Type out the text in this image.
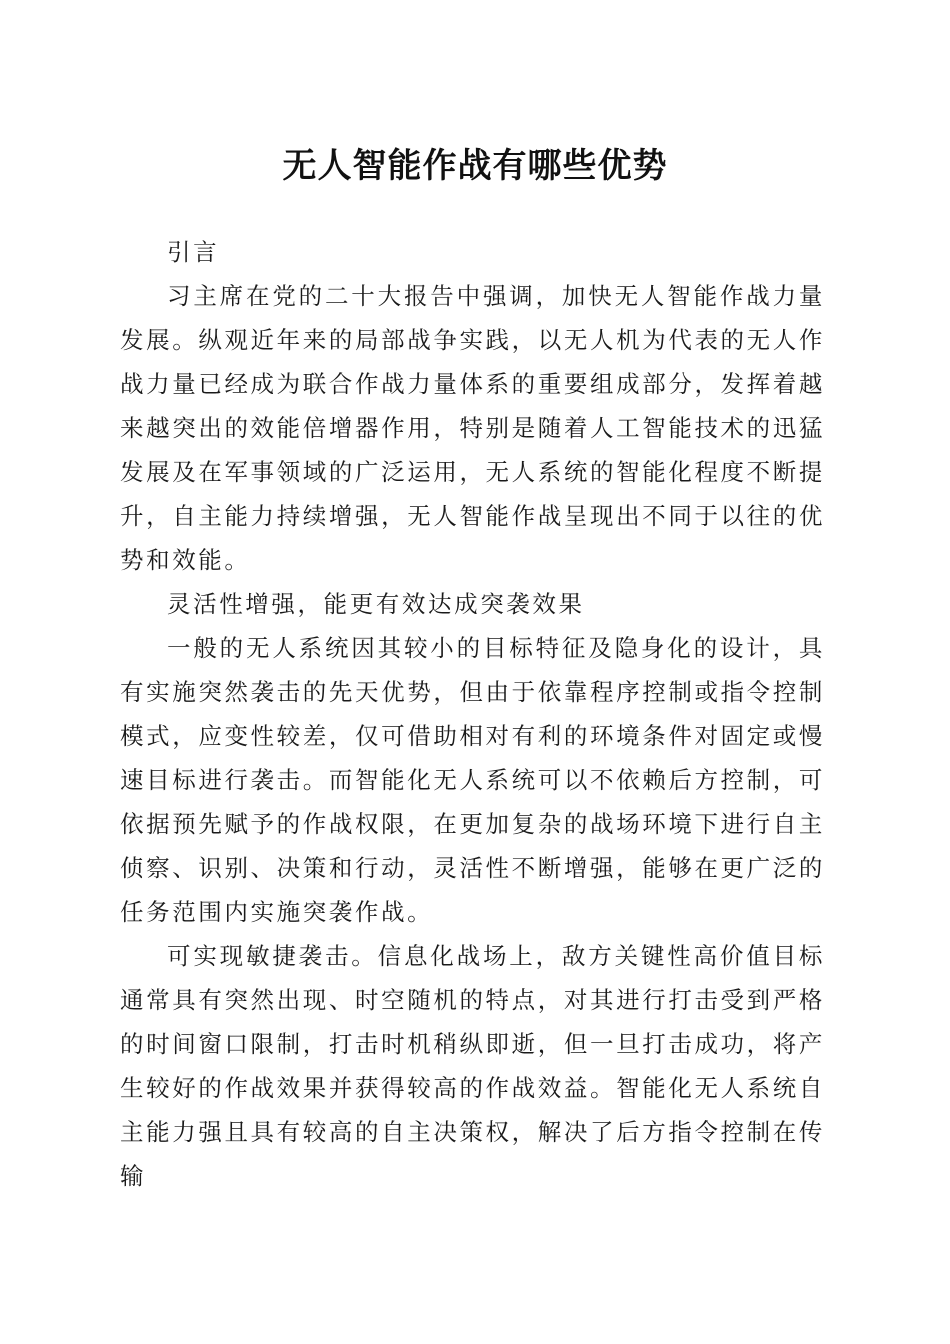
无人智能作战有哪些优势

引言

习主席在党的二十大报告中强调，加快无人智能作战力量发展。纵观近年来的局部战争实践，以无人机为代表的无人作战力量已经成为联合作战力量体系的重要组成部分，发挥着越来越突出的效能倍增器作用，特别是随着人工智能技术的迅猛发展及在军事领域的广泛运用，无人系统的智能化程度不断提升，自主能力持续增强，无人智能作战呈现出不同于以往的优势和效能。

灵活性增强，能更有效达成突袭效果

一般的无人系统因其较小的目标特征及隐身化的设计，具有实施突然袭击的先天优势，但由于依靠程序控制或指令控制模式，应变性较差，仅可借助相对有利的环境条件对固定或慢速目标进行袭击。而智能化无人系统可以不依赖后方控制，可依据预先赋予的作战权限，在更加复杂的战场环境下进行自主侦察、识别、决策和行动，灵活性不断增强，能够在更广泛的任务范围内实施突袭作战。

可实现敏捷袭击。信息化战场上，敌方关键性高价值目标通常具有突然出现、时空随机的特点，对其进行打击受到严格的时间窗口限制，打击时机稍纵即逝，但一旦打击成功，将产生较好的作战效果并获得较高的作战效益。智能化无人系统自主能力强且具有较高的自主决策权，解决了后方指令控制在传输
